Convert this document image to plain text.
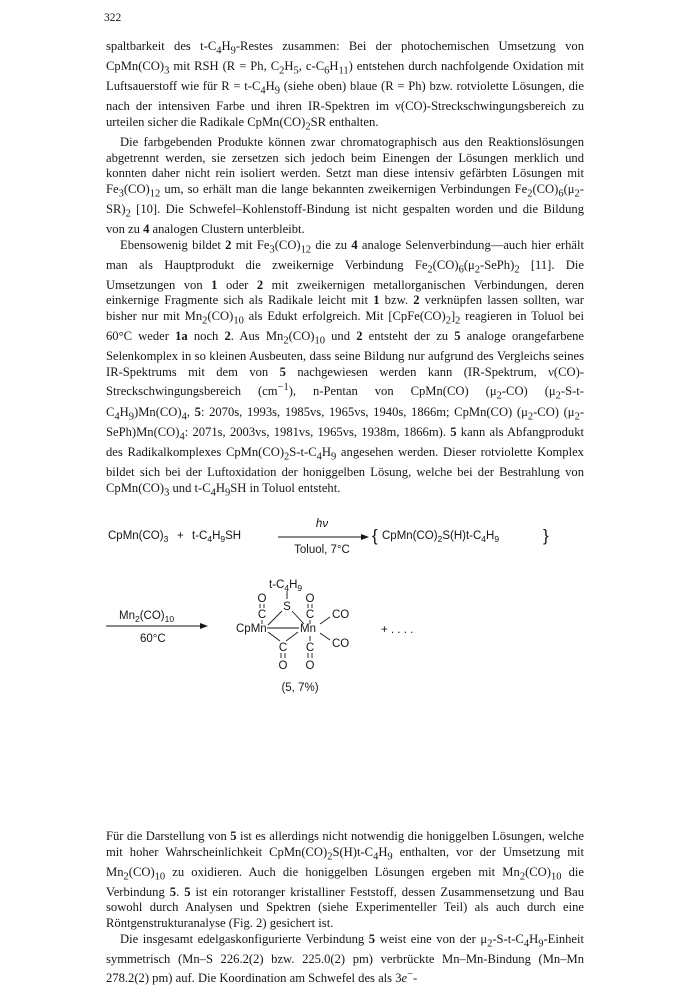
322

spaltbarkeit des $t-C_4H_9$-Restes zusammen: Bei der photochemischen Umsetzung von $CpMn(CO)_3$ mit RSH (R = Ph, $C_2H_5$, $c-C_6H_{11}$) entstehen durch nachfolgende Oxidation mit Luftsauerstoff wie für $R = t-C_4H_9$ (siehe oben) blaue (R = Ph) bzw. rotviolette Lösungen, die nach der intensiven Farbe und ihren IR-Spektren im ν(CO)-Streckschwingungsbereich zu urteilen sicher die Radikale $CpMn(CO)_2SR$ enthalten.

Die farbgebenden Produkte können zwar chromatographisch aus den Reaktionslösungen abgetrennt werden, sie zersetzen sich jedoch beim Einengen der Lösungen merklich und konnten daher nicht rein isoliert werden. Setzt man diese intensiv gefärbten Lösungen mit $Fe_3(CO)_{12}$ um, so erhält man die lange bekannten zweikernigen Verbindungen $Fe_2(CO)_6(\mu_2-SR)_2$ [10]. Die Schwefel–Kohlenstoff-Bindung ist nicht gespalten worden und die Bildung von zu 4 analogen Clustern unterbleibt.

Ebensowenig bildet 2 mit $Fe_3(CO)_{12}$ die zu 4 analoge Selenverbindung—auch hier erhält man als Hauptprodukt die zweikernige Verbindung $Fe_2(CO)_6(\mu_2-SePh)_2$ [11]. Die Umsetzungen von 1 oder 2 mit zweikernigen metallorganischen Verbindungen, deren einkernige Fragmente sich als Radikale leicht mit 1 bzw. 2 verknüpfen lassen sollten, war bisher nur mit $Mn_2(CO)_{10}$ als Edukt erfolgreich. Mit $[CpFe(CO)_2]_2$ reagieren in Toluol bei 60°C weder 1a noch 2. Aus $Mn_2(CO)_{10}$ und 2 entsteht der zu 5 analoge orangefarbene Selenkomplex in so kleinen Ausbeuten, dass seine Bildung nur aufgrund des Vergleichs seines IR-Spektrums mit dem von 5 nachgewiesen werden kann (IR-Spektrum, ν(CO)-Streckschwingungsbereich $(cm^{-1})$, n-Pentan von CpMn(CO) $(\mu_2-CO)$ $(\mu_2-S-t-C_4H_9)Mn(CO)_4$, 5: 2070s, 1993s, 1985vs, 1965vs, 1940s, 1866m; CpMn(CO) $(\mu_2-CO)$ $(\mu_2-SePh)Mn(CO)_4$: 2071s, 2003vs, 1981vs, 1965vs, 1938m, 1866m). 5 kann als Abfangprodukt des Radikalkomplexes $CpMn(CO)_2S-t-C_4H_9$ angesehen werden. Dieser rotviolette Komplex bildet sich bei der Luftoxidation der honiggelben Lösung, welche bei der Bestrahlung von $CpMn(CO)_3$ und $t-C_4H_9SH$ in Toluol entsteht.

$CpMn(CO)_3 + t-C_4H_9SH$
hν
Toluol, 7°C
{ $CpMn(CO)_2S(H)t-C_4H_9$	}
$Mn_2(CO)_{10}$
60°C
$t-C_4H_9$
S
O
C
O
C
CpMn	Mn
CO
CO
C
O
C
O
+ . . . .
(5, 7%)

Für die Darstellung von 5 ist es allerdings nicht notwendig die honiggelben Lösungen, welche mit hoher Wahrscheinlichkeit $CpMn(CO)_2S(H)t-C_4H_9$ enthalten, vor der Umsetzung mit $Mn_2(CO)_{10}$ zu oxidieren. Auch die honiggelben Lösungen ergeben mit $Mn_2(CO)_{10}$ die Verbindung 5. 5 ist ein rotoranger kristalliner Feststoff, dessen Zusammensetzung und Bau sowohl durch Analysen und Spektren (siehe Experimenteller Teil) als auch durch eine Röntgenstrukturanalyse (Fig. 2) gesichert ist.

Die insgesamt edelgaskonfigurierte Verbindung 5 weist eine von der $\mu_2-S-t-C_4H_9$-Einheit symmetrisch (Mn–S 226.2(2) bzw. 225.0(2) pm) verbrückte Mn–Mn-Bindung (Mn–Mn 278.2(2) pm) auf. Die Koordination am Schwefel des als 3e−-
